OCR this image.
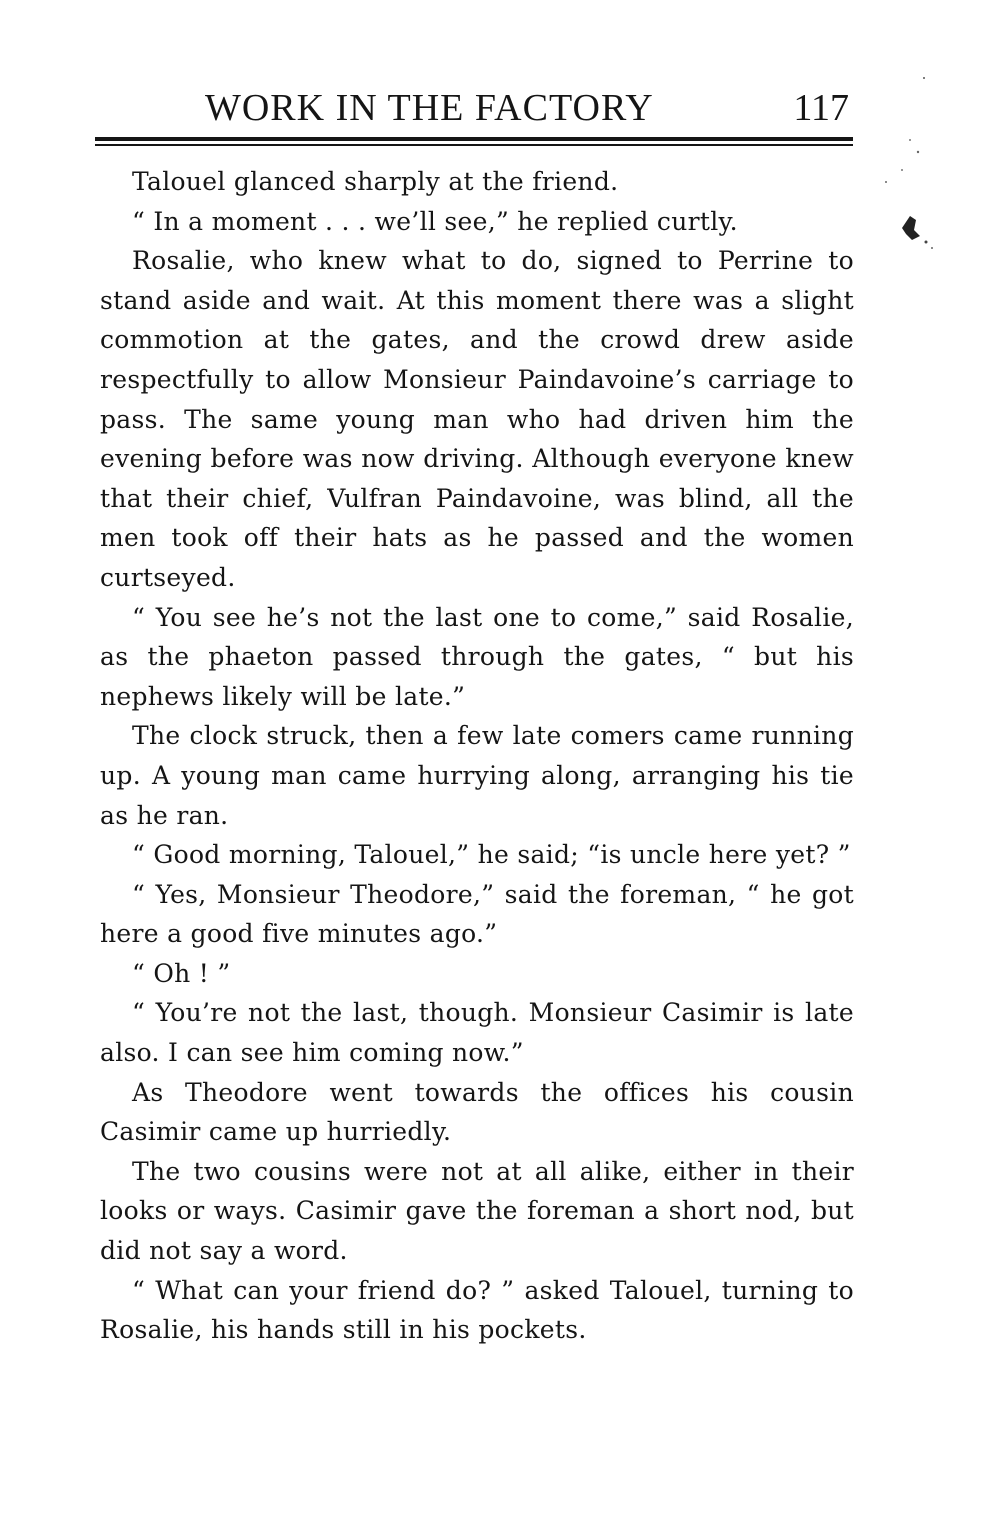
WORK IN THE FACTORY	117

Talouel glanced sharply at the friend.

“ In a moment . . . we’ll see,” he replied curtly.

Rosalie, who knew what to do, signed to Perrine to stand aside and wait. At this moment there was a slight commotion at the gates, and the crowd drew aside respectfully to allow Monsieur Paindavoine’s carriage to pass. The same young man who had driven him the evening before was now driving. Although everyone knew that their chief, Vulfran Paindavoine, was blind, all the men took off their hats as he passed and the women curtseyed.

“ You see he’s not the last one to come,” said Rosalie, as the phaeton passed through the gates, “ but his nephews likely will be late.”

The clock struck, then a few late comers came running up. A young man came hurrying along, arranging his tie as he ran.

“ Good morning, Talouel,” he said; “is uncle here yet? ”

“ Yes, Monsieur Theodore,” said the foreman, “ he got here a good five minutes ago.”

“ Oh ! ”

“ You’re not the last, though. Monsieur Casimir is late also. I can see him coming now.”

As Theodore went towards the offices his cousin Casimir came up hurriedly.

The two cousins were not at all alike, either in their looks or ways. Casimir gave the foreman a short nod, but did not say a word.

“ What can your friend do? ” asked Talouel, turning to Rosalie, his hands still in his pockets.
